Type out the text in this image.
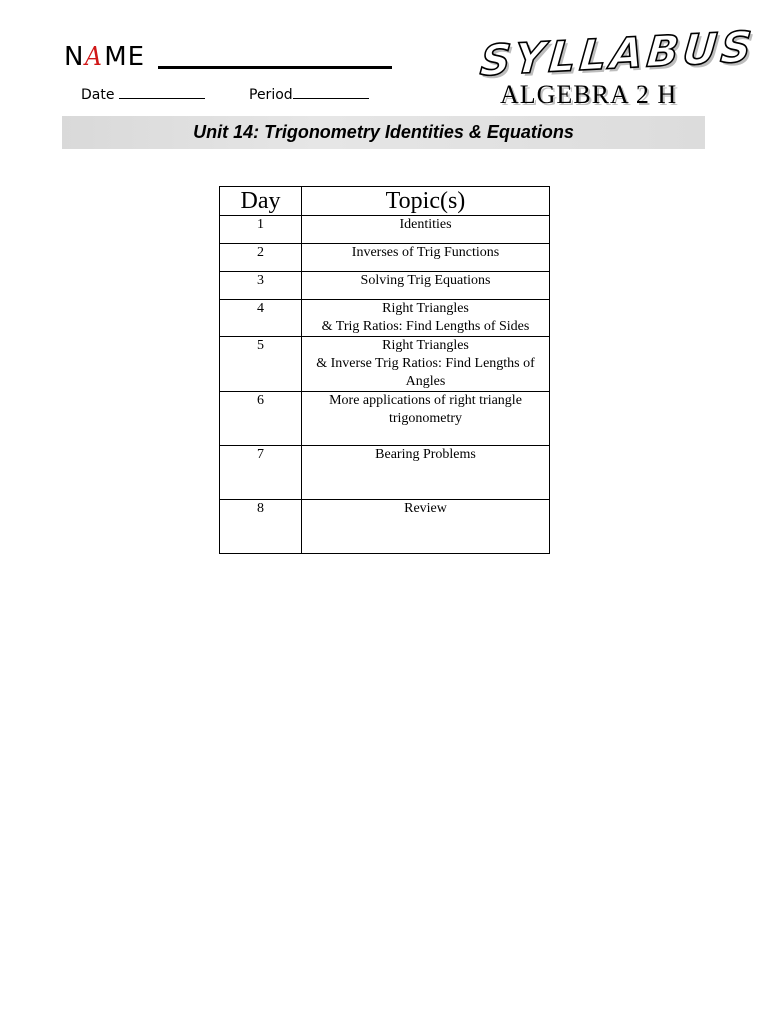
NAME
Date	Period
SYLLABUS
ALGEBRA 2 H
Unit 14: Trigonometry Identities & Equations
Day	Topic(s)
1	Identities
2	Inverses of Trig Functions
3	Solving Trig Equations
4	Right Triangles
& Trig Ratios: Find Lengths of Sides
5	Right Triangles
& Inverse Trig Ratios: Find Lengths of Angles
6	More applications of right triangle trigonometry
7	Bearing Problems
8	Review
